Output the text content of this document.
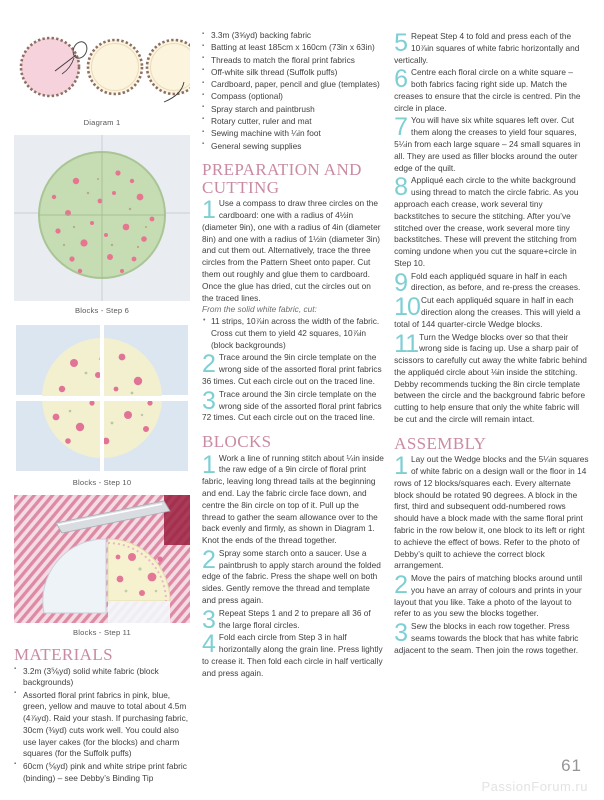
Diagram 1
Blocks - Step 6
Blocks - Step 10
Blocks - Step 11
MATERIALS
▪ 3.2m (3⅚yd) solid white fabric (block backgrounds)
▪ Assorted floral print fabrics in pink, blue, green, yellow and mauve to total about 4.5m (4⅞yd). Raid your stash. If purchasing fabric, 30cm (⅜yd) cuts work well. You could also use layer cakes (for the blocks) and charm squares (for the Suffolk puffs)
▪ 60cm (⅚yd) pink and white stripe print fabric (binding) – see Debby’s Binding Tip
▪ 3.3m (3⅝yd) backing fabric
▪ Batting at least 185cm x 160cm (73in x 63in)
▪ Threads to match the floral print fabrics
▪ Off-white silk thread (Suffolk puffs)
▪ Cardboard, paper, pencil and glue (templates)
▪ Compass (optional)
▪ Spray starch and paintbrush
▪ Rotary cutter, ruler and mat
▪ Sewing machine with ¼in foot
▪ General sewing supplies
PREPARATION AND CUTTING
1 Use a compass to draw three circles on the cardboard: one with a radius of 4½in (diameter 9in), one with a radius of 4in (diameter 8in) and one with a radius of 1½in (diameter 3in) and cut them out. Alternatively, trace the three circles from the Pattern Sheet onto paper. Cut them out roughly and glue them to cardboard. Once the glue has dried, cut the circles out on the traced lines.
From the solid white fabric, cut:
• 11 strips, 10⅞in across the width of the fabric. Cross cut them to yield 42 squares, 10⅞in (block backgrounds)
2 Trace around the 9in circle template on the wrong side of the assorted floral print fabrics 36 times. Cut each circle out on the traced line.
3 Trace around the 3in circle template on the wrong side of the assorted floral print fabrics 72 times. Cut each circle out on the traced line.
BLOCKS
1 Work a line of running stitch about ¼in inside the raw edge of a 9in circle of floral print fabric, leaving long thread tails at the beginning and end. Lay the fabric circle face down, and centre the 8in circle on top of it. Pull up the thread to gather the seam allowance over to the back evenly and firmly, as shown in Diagram 1. Knot the ends of the thread together.
2 Spray some starch onto a saucer. Use a paintbrush to apply starch around the folded edge of the fabric. Press the shape well on both sides. Gently remove the thread and template and press again.
3 Repeat Steps 1 and 2 to prepare all 36 of the large floral circles.
4 Fold each circle from Step 3 in half horizontally along the grain line. Press lightly to crease it. Then fold each circle in half vertically and press again.
5 Repeat Step 4 to fold and press each of the 10⅞in squares of white fabric horizontally and vertically.
6 Centre each floral circle on a white square – both fabrics facing right side up. Match the creases to ensure that the circle is centred. Pin the circle in place.
7 You will have six white squares left over. Cut them along the creases to yield four squares, 5¼in from each large square – 24 small squares in all. They are used as filler blocks around the outer edge of the quilt.
8 Appliqué each circle to the white background using thread to match the circle fabric. As you approach each crease, work several tiny backstitches to secure the stitching. After you’ve stitched over the crease, work several more tiny backstitches. These will prevent the stitching from coming undone when you cut the square+circle in Step 10.
9 Fold each appliquéd square in half in each direction, as before, and re-press the creases.
10 Cut each appliquéd square in half in each direction along the creases. This will yield a total of 144 quarter-circle Wedge blocks.
11 Turn the Wedge blocks over so that their wrong side is facing up. Use a sharp pair of scissors to carefully cut away the white fabric behind the appliquéd circle about ⅛in inside the stitching. Debby recommends tucking the 8in circle template between the circle and the background fabric before cutting to help ensure that only the white fabric will be cut and the circle will remain intact.
ASSEMBLY
1 Lay out the Wedge blocks and the 5¼in squares of white fabric on a design wall or the floor in 14 rows of 12 blocks/squares each. Every alternate block should be rotated 90 degrees. A block in the first, third and subsequent odd-numbered rows should have a block made with the same floral print fabric in the row below it, one block to its left or right to achieve the effect of bows. Refer to the photo of Debby’s quilt to achieve the correct block arrangement.
2 Move the pairs of matching blocks around until you have an array of colours and prints in your layout that you like. Take a photo of the layout to refer to as you sew the blocks together.
3 Sew the blocks in each row together. Press seams towards the block that has white fabric adjacent to the seam. Then join the rows together.
61
PassionForum.ru
